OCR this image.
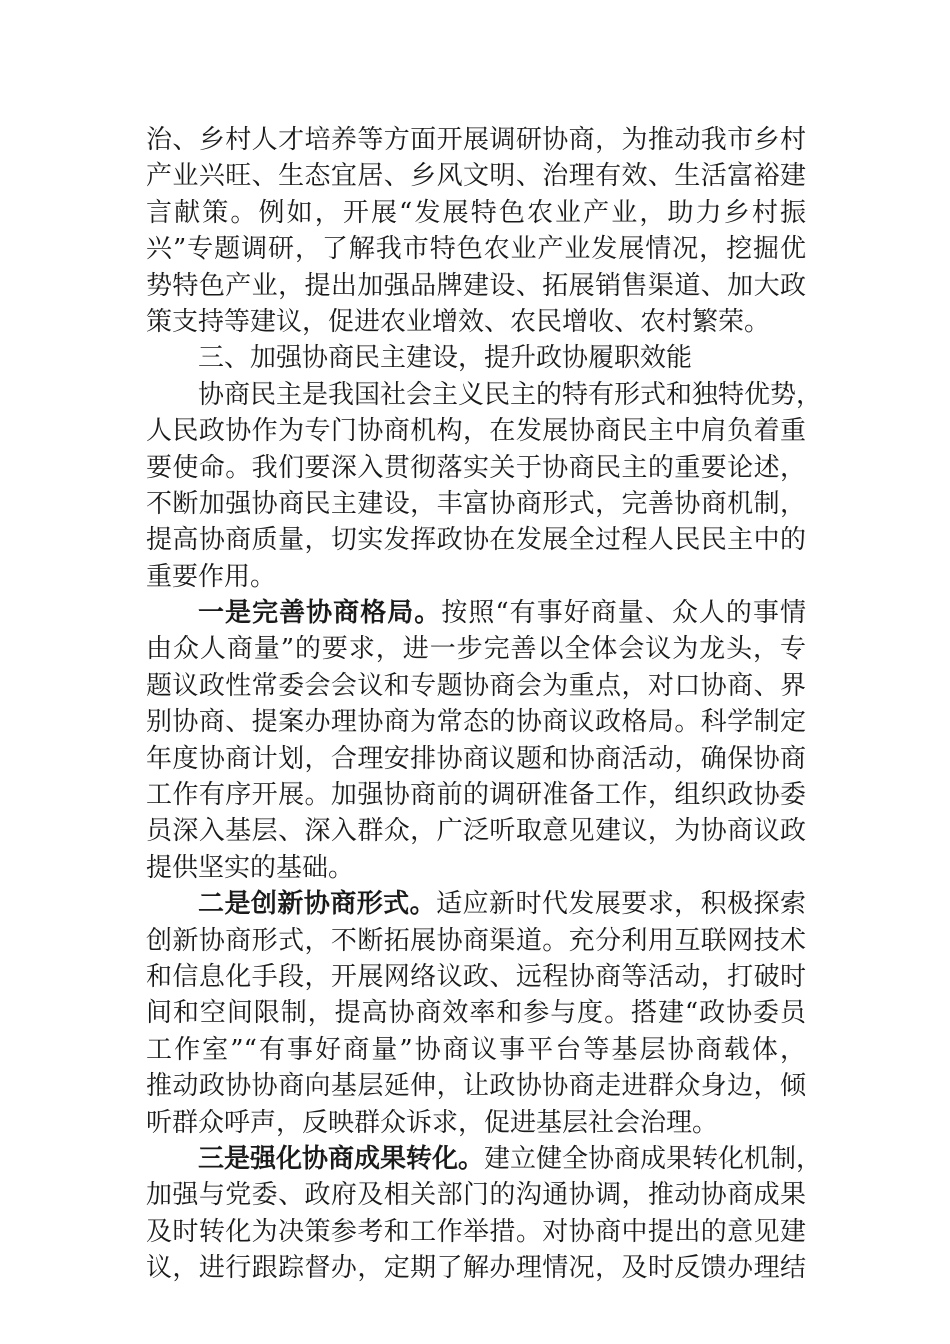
治、乡村人才培养等方面开展调研协商，为推动我市乡村
产业兴旺、生态宜居、乡风文明、治理有效、生活富裕建
言献策。例如，开展“发展特色农业产业，助力乡村振
兴”专题调研，了解我市特色农业产业发展情况，挖掘优
势特色产业，提出加强品牌建设、拓展销售渠道、加大政
策支持等建议，促进农业增效、农民增收、农村繁荣。
三、加强协商民主建设，提升政协履职效能
协商民主是我国社会主义民主的特有形式和独特优势，
人民政协作为专门协商机构，在发展协商民主中肩负着重
要使命。我们要深入贯彻落实关于协商民主的重要论述，
不断加强协商民主建设，丰富协商形式，完善协商机制，
提高协商质量，切实发挥政协在发展全过程人民民主中的
重要作用。
一是完善协商格局。按照“有事好商量、众人的事情
由众人商量”的要求，进一步完善以全体会议为龙头，专
题议政性常委会会议和专题协商会为重点，对口协商、界
别协商、提案办理协商为常态的协商议政格局。科学制定
年度协商计划，合理安排协商议题和协商活动，确保协商
工作有序开展。加强协商前的调研准备工作，组织政协委
员深入基层、深入群众，广泛听取意见建议，为协商议政
提供坚实的基础。
二是创新协商形式。适应新时代发展要求，积极探索
创新协商形式，不断拓展协商渠道。充分利用互联网技术
和信息化手段，开展网络议政、远程协商等活动，打破时
间和空间限制，提高协商效率和参与度。搭建“政协委员
工作室”“有事好商量”协商议事平台等基层协商载体，
推动政协协商向基层延伸，让政协协商走进群众身边，倾
听群众呼声，反映群众诉求，促进基层社会治理。
三是强化协商成果转化。建立健全协商成果转化机制，
加强与党委、政府及相关部门的沟通协调，推动协商成果
及时转化为决策参考和工作举措。对协商中提出的意见建
议，进行跟踪督办，定期了解办理情况，及时反馈办理结
